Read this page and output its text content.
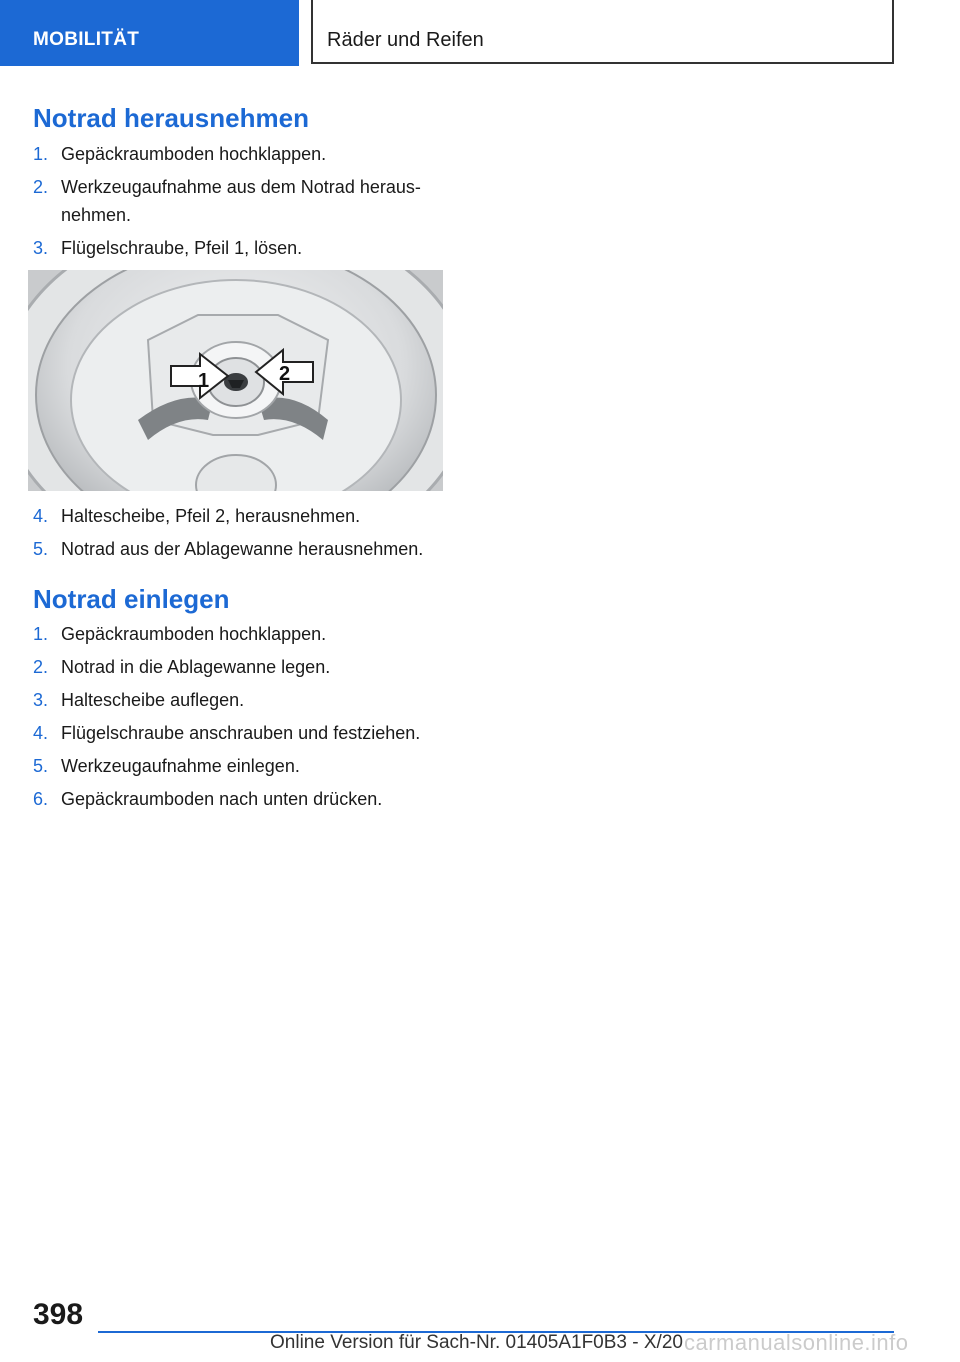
MOBILITÄT	Räder und Reifen
Notrad herausnehmen
1. Gepäckraumboden hochklappen.
2. Werkzeugaufnahme aus dem Notrad heraus-nehmen.
3. Flügelschraube, Pfeil 1, lösen.
1	2
4. Haltescheibe, Pfeil 2, herausnehmen.
5. Notrad aus der Ablagewanne herausnehmen.
Notrad einlegen
1. Gepäckraumboden hochklappen.
2. Notrad in die Ablagewanne legen.
3. Haltescheibe auflegen.
4. Flügelschraube anschrauben und festziehen.
5. Werkzeugaufnahme einlegen.
6. Gepäckraumboden nach unten drücken.
398
Online Version für Sach-Nr. 01405A1F0B3 - X/20 carmanualsonline.info
